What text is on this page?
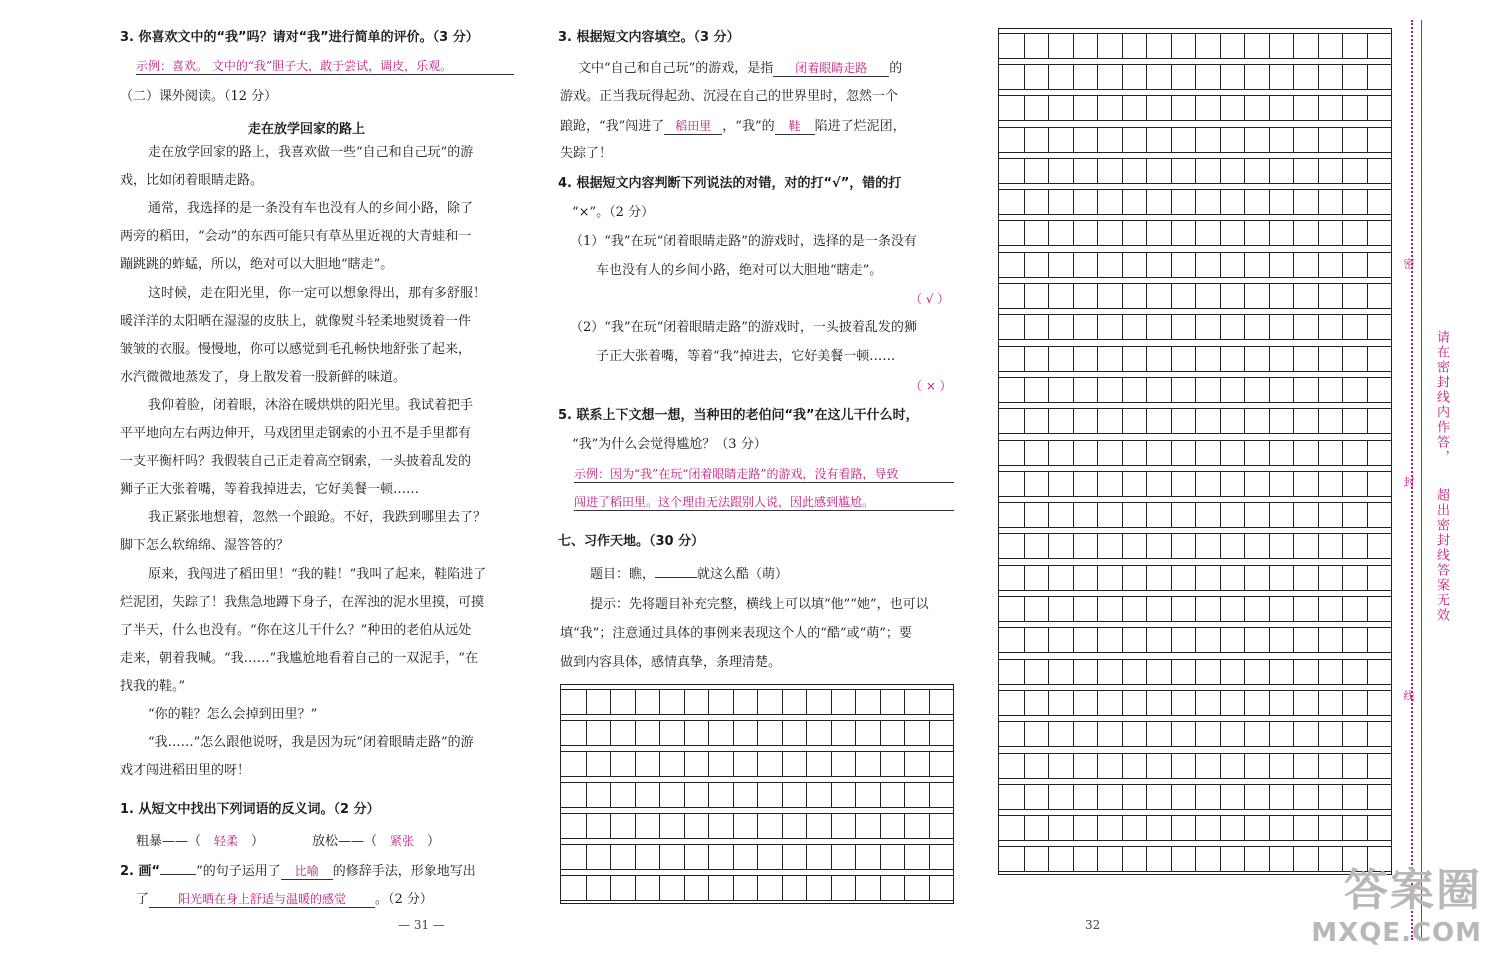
3. 你喜欢文中的“我”吗？请对“我”进行简单的评价。（3 分）
示例：喜欢。 文中的“我”胆子大，敢于尝试，调皮，乐观。
（二）课外阅读。（12 分）
走在放学回家的路上
走在放学回家的路上，我喜欢做一些“自己和自己玩”的游
戏，比如闭着眼睛走路。
通常，我选择的是一条没有车也没有人的乡间小路，除了
两旁的稻田，“会动”的东西可能只有草丛里近视的大青蛙和一
蹦跳跳的蚱蜢，所以，绝对可以大胆地“瞎走”。
这时候，走在阳光里，你一定可以想象得出，那有多舒服！
暖洋洋的太阳晒在湿湿的皮肤上，就像熨斗轻柔地熨烫着一件
皱皱的衣服。慢慢地，你可以感觉到毛孔畅快地舒张了起来，
水汽微微地蒸发了，身上散发着一股新鲜的味道。
我仰着脸，闭着眼，沐浴在暖烘烘的阳光里。我试着把手
平平地向左右两边伸开，马戏团里走钢索的小丑不是手里都有
一支平衡杆吗？我假装自己正走着高空钢索，一头披着乱发的
狮子正大张着嘴，等着我掉进去，它好美餐一顿……
我正紧张地想着，忽然一个踉跄。不好，我跌到哪里去了？
脚下怎么软绵绵、湿答答的？
原来，我闯进了稻田里！“我的鞋！”我叫了起来，鞋陷进了
烂泥团，失踪了！我焦急地蹲下身子，在浑浊的泥水里摸，可摸
了半天，什么也没有。“你在这儿干什么？”种田的老伯从远处
走来，朝着我喊。“我……”我尴尬地看着自己的一双泥手，“在
找我的鞋。”
“你的鞋？怎么会掉到田里？”
“我……”怎么跟他说呀，我是因为玩“闭着眼睛走路”的游
戏才闯进稻田里的呀！
1. 从短文中找出下列词语的反义词。（2 分）
粗暴——（ 轻柔 ）	放松——（ 紧张 ）
2. 画“	”的句子运用了 比喻 的修辞手法，形象地写出
了 阳光晒在身上舒适与温暖的感觉 。（2 分）
— 31 —
3. 根据短文内容填空。（3 分）
文中“自己和自己玩”的游戏，是指 闭着眼睛走路 的
游戏。正当我玩得起劲、沉浸在自己的世界里时，忽然一个
踉跄，“我”闯进了 稻田里 ，“我”的 鞋 陷进了烂泥团，
失踪了！
4. 根据短文内容判断下列说法的对错，对的打“√”，错的打
“×”。（2 分）
（1）“我”在玩“闭着眼睛走路”的游戏时，选择的是一条没有
车也没有人的乡间小路，绝对可以大胆地“瞎走”。
（ √ ）
（2）“我”在玩“闭着眼睛走路”的游戏时，一头披着乱发的狮
子正大张着嘴，等着“我”掉进去，它好美餐一顿……
（ × ）
5. 联系上下文想一想，当种田的老伯问“我”在这儿干什么时，
“我”为什么会觉得尴尬？（3 分）
示例：因为“我”在玩“闭着眼睛走路”的游戏，没有看路，导致
闯进了稻田里。这个理由无法跟别人说，因此感到尴尬。
七、习作天地。（30 分）
题目：瞧，	就这么酷（萌）
提示：先将题目补充完整，横线上可以填“他”“她”，也可以
填“我”；注意通过具体的事例来表现这个人的“酷”或“萌”；要
做到内容具体，感情真挚，条理清楚。
32
密
封
线
请在密封线内作答，
超出密封线答案无效
答案圈
MXQE.COM
